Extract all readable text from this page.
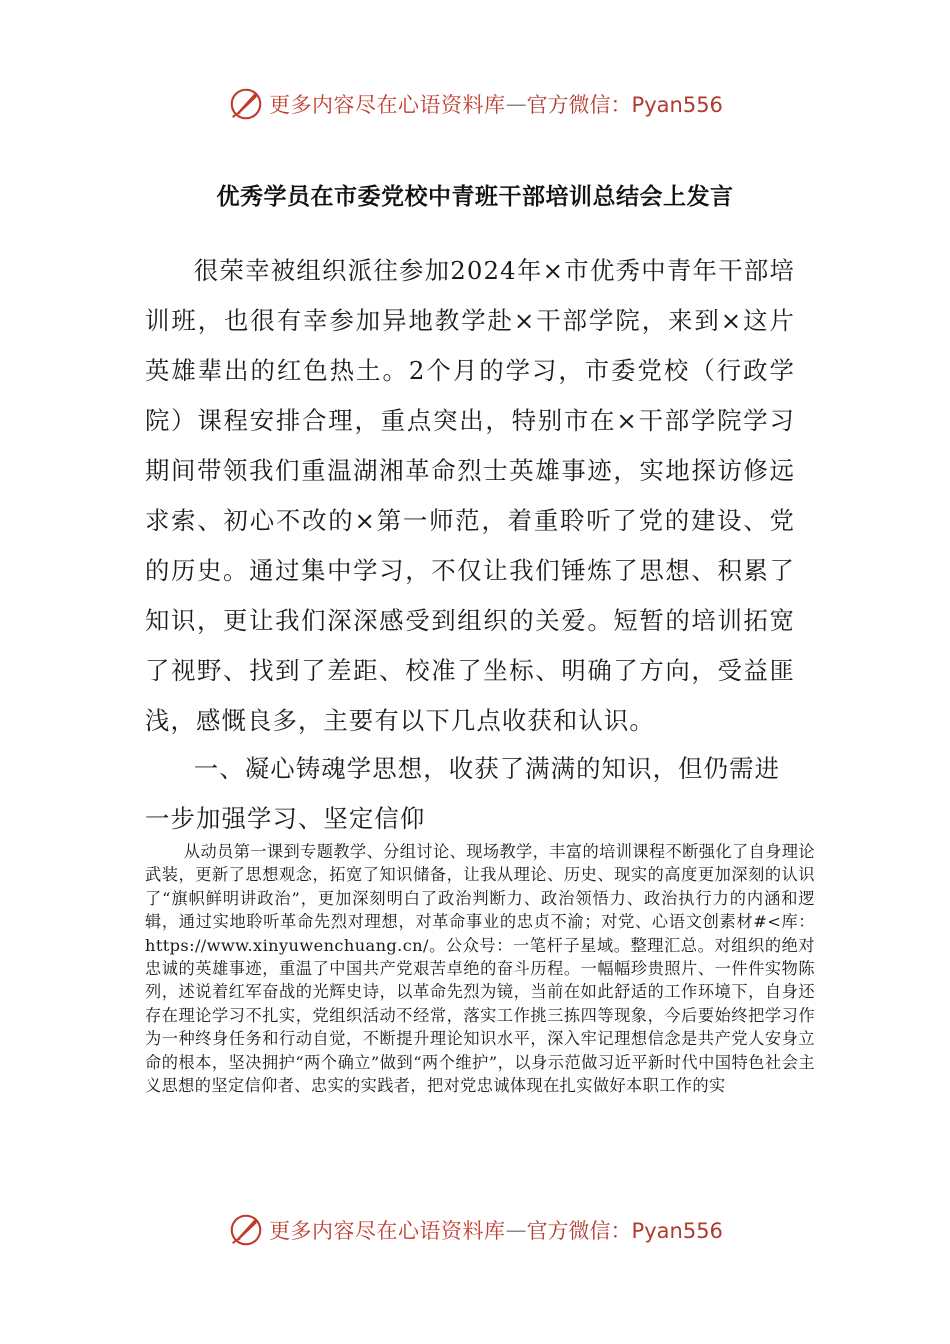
更多内容尽在心语资料库 — 官方微信：Pyan556
优秀学员在市委党校中青班干部培训总结会上发言

很荣幸被组织派往参加2024年×市优秀中青年干部培训班，也很有幸参加异地教学赴×干部学院，来到×这片英雄辈出的红色热土。2个月的学习，市委党校（行政学院）课程安排合理，重点突出，特别市在×干部学院学习期间带领我们重温湖湘革命烈士英雄事迹，实地探访修远求索、初心不改的×第一师范，着重聆听了党的建设、党的历史。通过集中学习，不仅让我们锤炼了思想、积累了知识，更让我们深深感受到组织的关爱。短暂的培训拓宽了视野、找到了差距、校准了坐标、明确了方向，受益匪浅，感慨良多，主要有以下几点收获和认识。

一、凝心铸魂学思想，收获了满满的知识，但仍需进一步加强学习、坚定信仰

从动员第一课到专题教学、分组讨论、现场教学，丰富的培训课程不断强化了自身理论武装，更新了思想观念，拓宽了知识储备，让我从理论、历史、现实的高度更加深刻的认识了“旗帜鲜明讲政治”，更加深刻明白了政治判断力、政治领悟力、政治执行力的内涵和逻辑，通过实地聆听革命先烈对理想，对革命事业的忠贞不渝；对党、心语文创素材#<库：https://www.xinyuwenchuang.cn/。公众号：一笔杆子星域。整理汇总。对组织的绝对忠诚的英雄事迹，重温了中国共产党艰苦卓绝的奋斗历程。一幅幅珍贵照片、一件件实物陈列，述说着红军奋战的光辉史诗，以革命先烈为镜，当前在如此舒适的工作环境下，自身还存在理论学习不扎实，党组织活动不经常，落实工作挑三拣四等现象，今后要始终把学习作为一种终身任务和行动自觉，不断提升理论知识水平，深入牢记理想信念是共产党人安身立命的根本，坚决拥护“两个确立”做到“两个维护”，以身示范做习近平新时代中国特色社会主义思想的坚定信仰者、忠实的实践者，把对党忠诚体现在扎实做好本职工作的实

更多内容尽在心语资料库 — 官方微信：Pyan556
